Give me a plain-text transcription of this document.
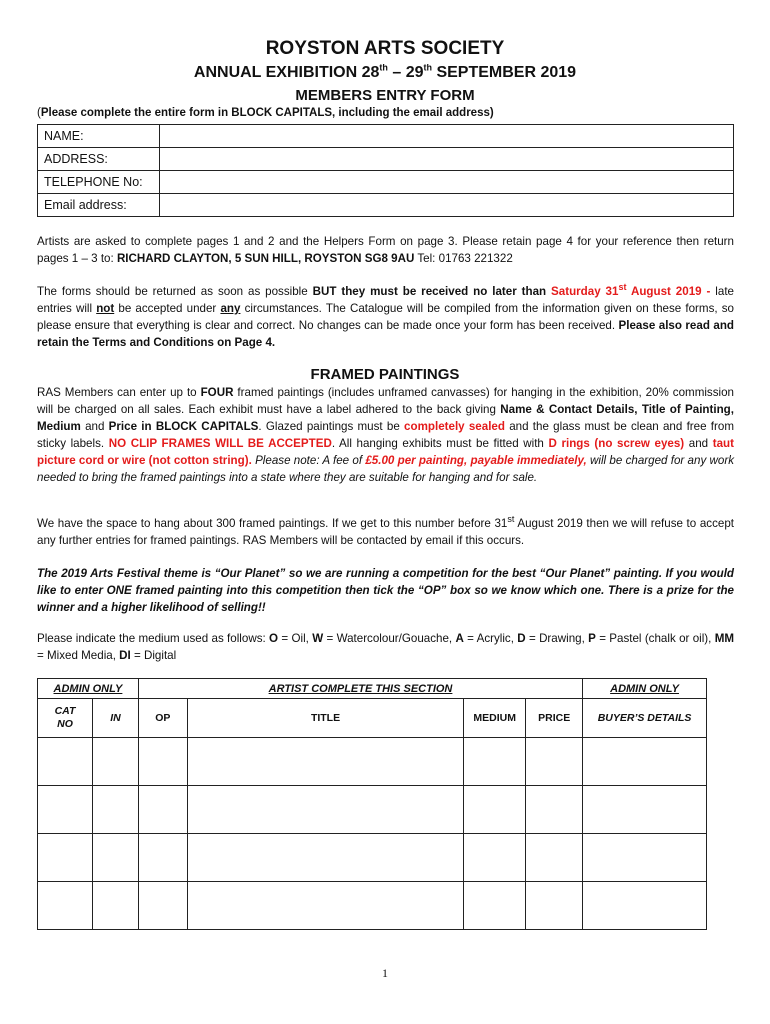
ROYSTON ARTS SOCIETY
ANNUAL EXHIBITION 28th – 29th SEPTEMBER 2019
MEMBERS ENTRY FORM
(Please complete the entire form in BLOCK CAPITALS, including the email address)
NAME:	
ADDRESS:	
TELEPHONE No:	
Email address:	
Artists are asked to complete pages 1 and 2 and the Helpers Form on page 3. Please retain page 4 for your reference then return pages 1 – 3 to: RICHARD CLAYTON, 5 SUN HILL, ROYSTON SG8 9AU Tel: 01763 221322
The forms should be returned as soon as possible BUT they must be received no later than Saturday 31st August 2019 - late entries will not be accepted under any circumstances. The Catalogue will be compiled from the information given on these forms, so please ensure that everything is clear and correct. No changes can be made once your form has been received. Please also read and retain the Terms and Conditions on Page 4.
FRAMED PAINTINGS
RAS Members can enter up to FOUR framed paintings (includes unframed canvasses) for hanging in the exhibition, 20% commission will be charged on all sales. Each exhibit must have a label adhered to the back giving Name & Contact Details, Title of Painting, Medium and Price in BLOCK CAPITALS. Glazed paintings must be completely sealed and the glass must be clean and free from sticky labels. NO CLIP FRAMES WILL BE ACCEPTED. All hanging exhibits must be fitted with D rings (no screw eyes) and taut picture cord or wire (not cotton string). Please note: A fee of £5.00 per painting, payable immediately, will be charged for any work needed to bring the framed paintings into a state where they are suitable for hanging and for sale.
We have the space to hang about 300 framed paintings. If we get to this number before 31st August 2019 then we will refuse to accept any further entries for framed paintings. RAS Members will be contacted by email if this occurs.
The 2019 Arts Festival theme is “Our Planet” so we are running a competition for the best “Our Planet” painting. If you would like to enter ONE framed painting into this competition then tick the “OP” box so we know which one. There is a prize for the winner and a higher likelihood of selling!!
Please indicate the medium used as follows: O = Oil, W = Watercolour/Gouache, A = Acrylic, D = Drawing, P = Pastel (chalk or oil), MM = Mixed Media, DI = Digital
ADMIN ONLY		ARTIST COMPLETE THIS SECTION				ADMIN ONLY
CAT NO	IN	OP	TITLE	MEDIUM	PRICE	BUYER’S DETAILS

1
